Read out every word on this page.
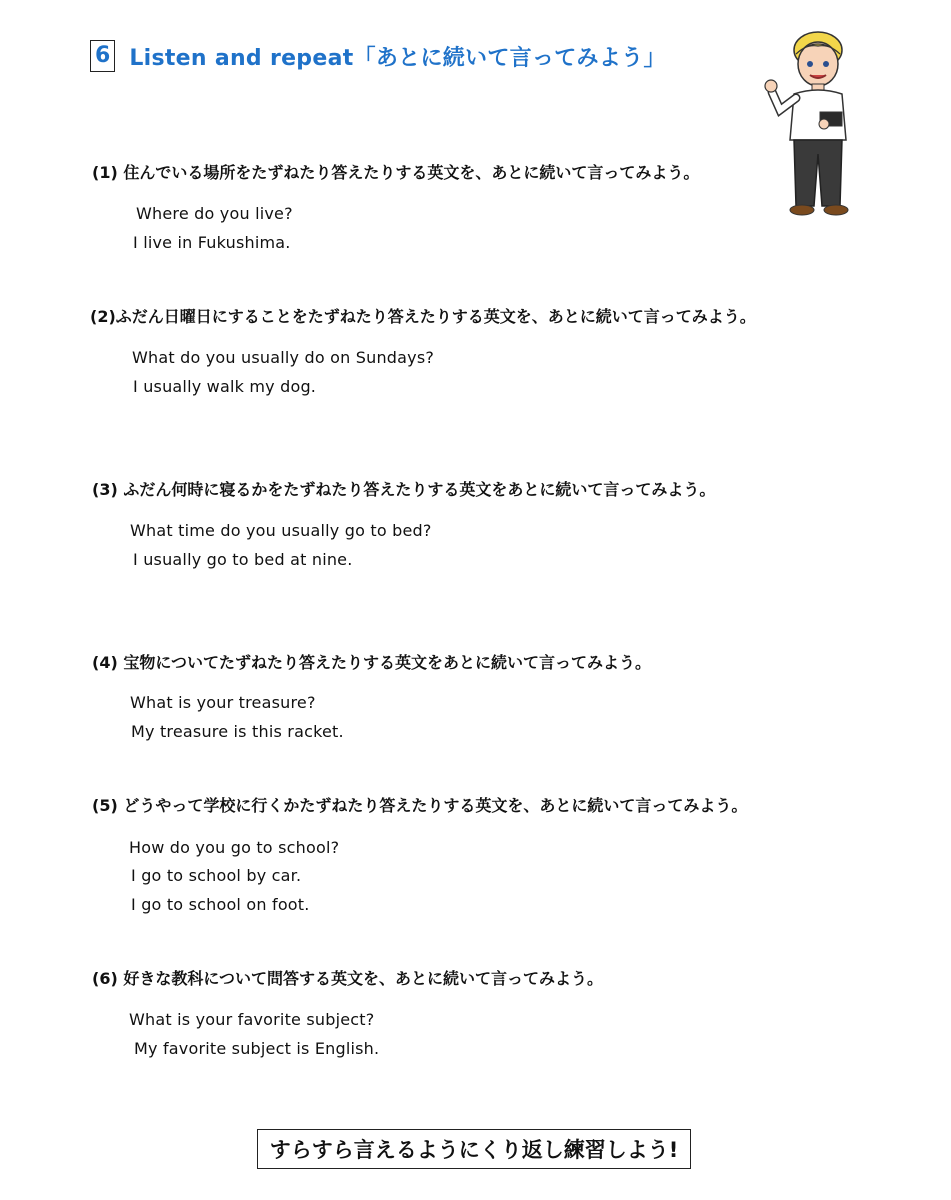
6 Listen and repeat「あとに続いて言ってみよう」
(1) 住んでいる場所をたずねたり答えたりする英文を、あとに続いて言ってみよう。
Where do you live?
I live in Fukushima.
(2)ふだん日曜日にすることをたずねたり答えたりする英文を、あとに続いて言ってみよう。
What do you usually do on Sundays?
I usually walk my dog.
(3) ふだん何時に寝るかをたずねたり答えたりする英文をあとに続いて言ってみよう。
What time do you usually go to bed?
I usually go to bed at nine.
(4) 宝物についてたずねたり答えたりする英文をあとに続いて言ってみよう。
What is your treasure?
My treasure is this racket.
(5) どうやって学校に行くかたずねたり答えたりする英文を、あとに続いて言ってみよう。
How do you go to school?
I go to school by car.
I go to school on foot.
(6) 好きな教科について問答する英文を、あとに続いて言ってみよう。
What is your favorite subject?
My favorite subject is English.
すらすら言えるようにくり返し練習しよう!
